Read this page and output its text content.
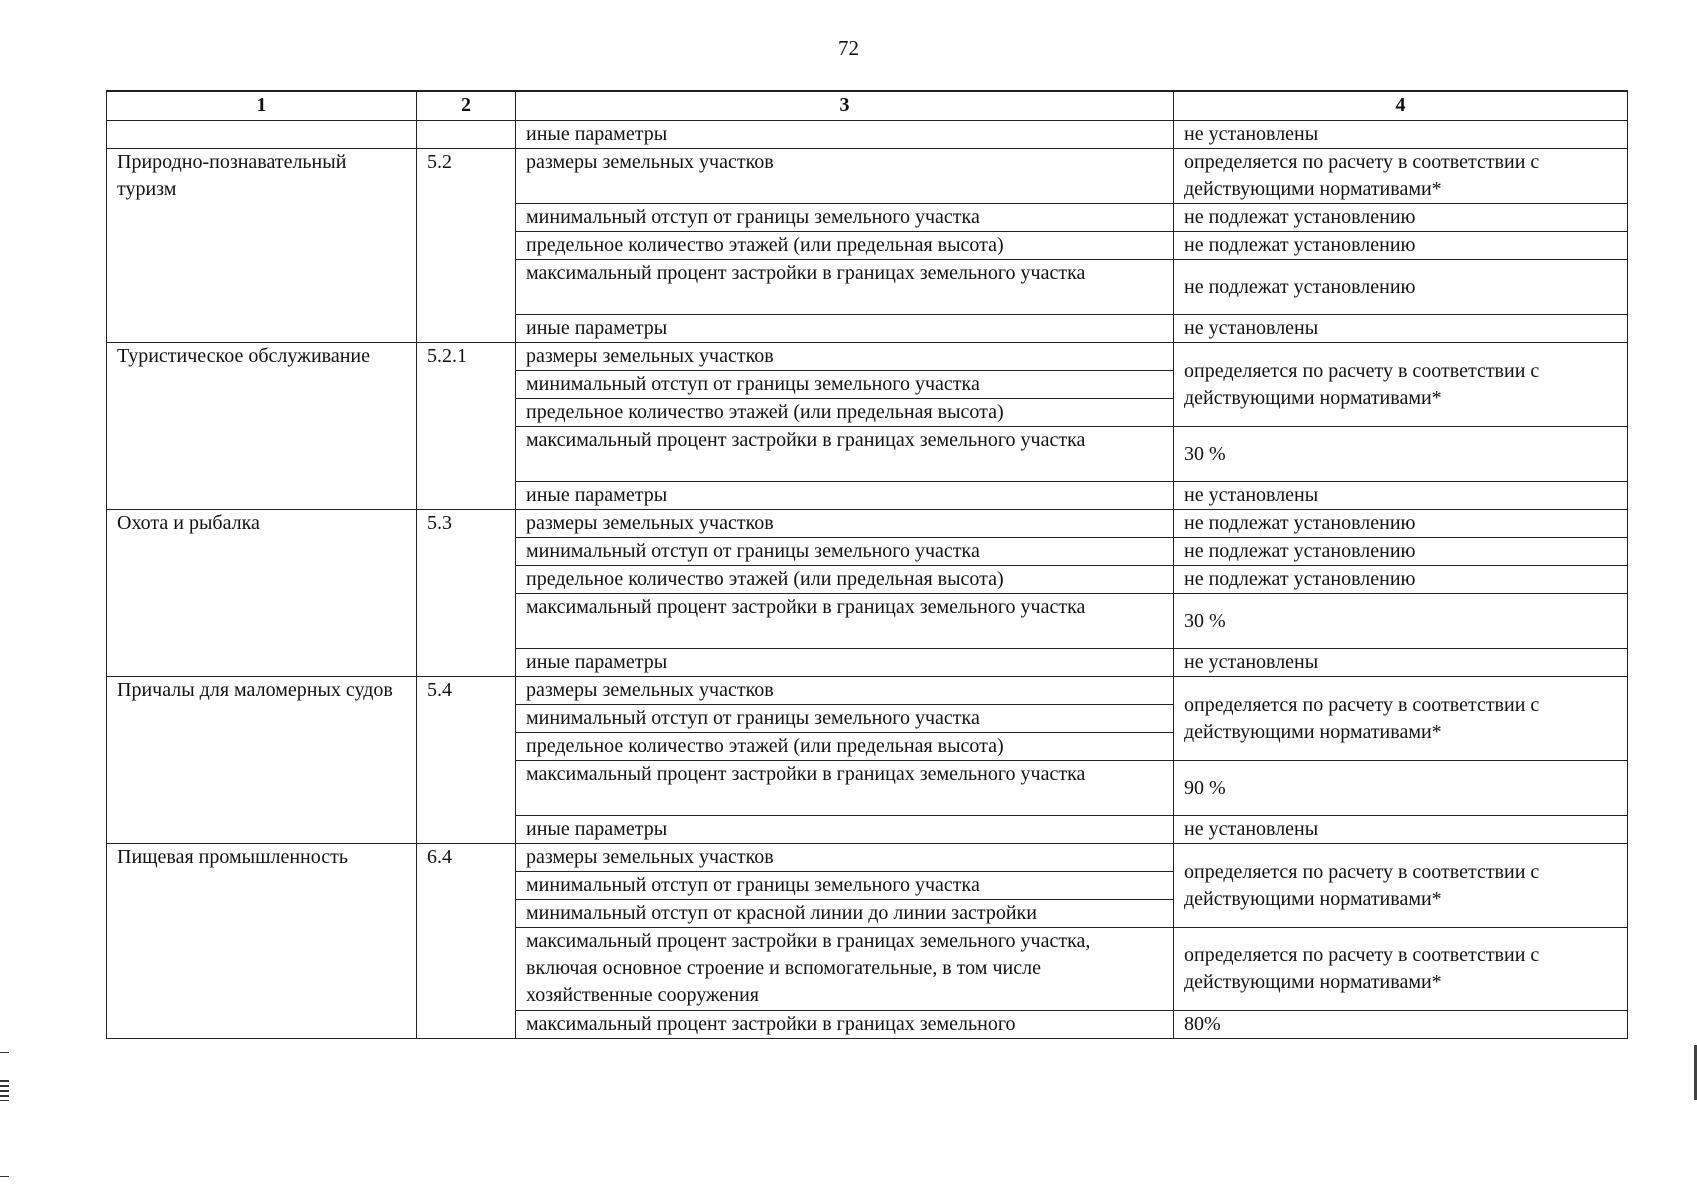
72
1	2	3	4
		иные параметры	не установлены
Природно-познавательный туризм	5.2	размеры земельных участков	определяется по расчету в соответствии с действующими нормативами*
		минимальный отступ от границы земельного участка	не подлежат установлению
		предельное количество этажей (или предельная высота)	не подлежат установлению
		максимальный процент застройки в границах земельного участка	не подлежат установлению
		иные параметры	не установлены
Туристическое обслуживание	5.2.1	размеры земельных участков	определяется по расчету в соответствии с действующими нормативами*
		минимальный отступ от границы земельного участка	
		предельное количество этажей (или предельная высота)	
		максимальный процент застройки в границах земельного участка	30 %
		иные параметры	не установлены
Охота и рыбалка	5.3	размеры земельных участков	не подлежат установлению
		минимальный отступ от границы земельного участка	не подлежат установлению
		предельное количество этажей (или предельная высота)	не подлежат установлению
		максимальный процент застройки в границах земельного участка	30 %
		иные параметры	не установлены
Причалы для маломерных судов	5.4	размеры земельных участков	определяется по расчету в соответствии с действующими нормативами*
		минимальный отступ от границы земельного участка	
		предельное количество этажей (или предельная высота)	
		максимальный процент застройки в границах земельного участка	90 %
		иные параметры	не установлены
Пищевая промышленность	6.4	размеры земельных участков	определяется по расчету в соответствии с действующими нормативами*
		минимальный отступ от границы земельного участка	
		минимальный отступ от красной линии до линии застройки	
		максимальный процент застройки в границах земельного участка, включая основное строение и вспомогательные, в том числе хозяйственные сооружения	определяется по расчету в соответствии с действующими нормативами*
		максимальный процент застройки в границах земельного	80%
